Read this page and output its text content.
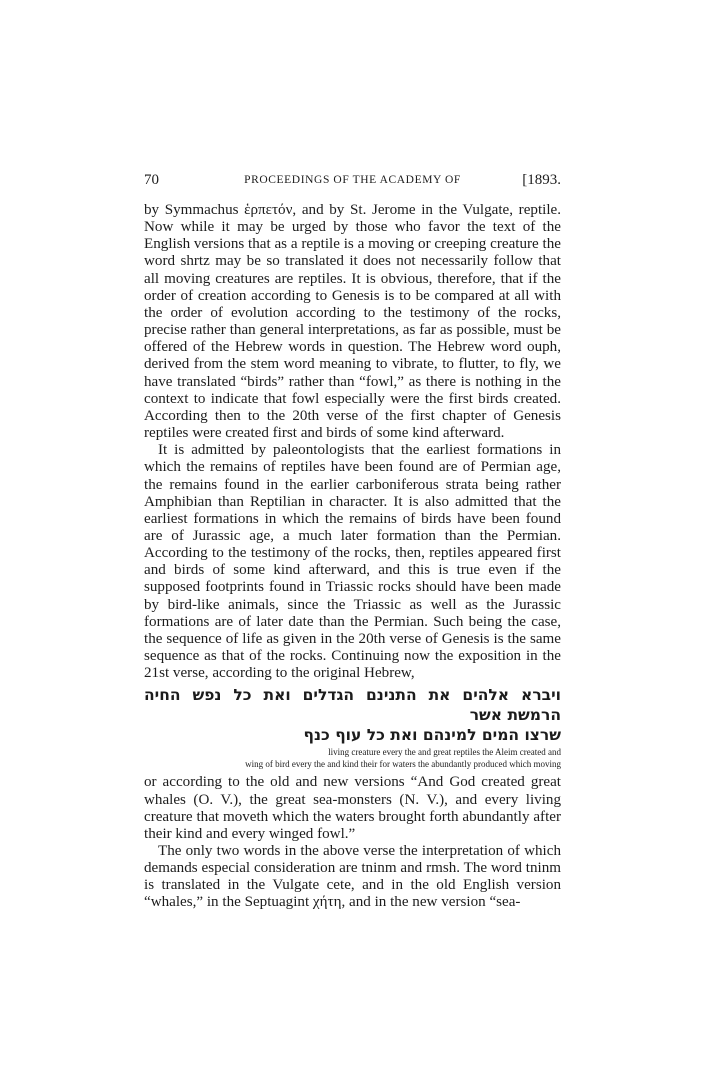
70	PROCEEDINGS OF THE ACADEMY OF	[1893.

by Symmachus ἑρπετόν, and by St. Jerome in the Vulgate, reptile. Now while it may be urged by those who favor the text of the English versions that as a reptile is a moving or creeping creature the word shrtz may be so translated it does not necessarily follow that all moving creatures are reptiles. It is obvious, therefore, that if the order of creation according to Genesis is to be compared at all with the order of evolution according to the testimony of the rocks, precise rather than general interpretations, as far as possible, must be offered of the Hebrew words in question. The Hebrew word ouph, derived from the stem word meaning to vibrate, to flutter, to fly, we have translated “birds” rather than “fowl,” as there is nothing in the context to indicate that fowl especially were the first birds created. According then to the 20th verse of the first chapter of Genesis reptiles were created first and birds of some kind afterward.

It is admitted by paleontologists that the earliest formations in which the remains of reptiles have been found are of Permian age, the remains found in the earlier carboniferous strata being rather Amphibian than Reptilian in character. It is also admitted that the earliest formations in which the remains of birds have been found are of Jurassic age, a much later formation than the Permian. According to the testimony of the rocks, then, reptiles appeared first and birds of some kind afterward, and this is true even if the supposed footprints found in Triassic rocks should have been made by bird-like animals, since the Triassic as well as the Jurassic formations are of later date than the Permian. Such being the case, the sequence of life as given in the 20th verse of Genesis is the same sequence as that of the rocks. Continuing now the exposition in the 21st verse, according to the original Hebrew,

ויברא אלהים את התנינם הגדלים ואת כל נפש החיה הרמשת אשר
שרצו המים למינהם ואת כל עוף כנף
living creature every the and great reptiles the Aleim created and
wing of bird every the and kind their for waters the abundantly produced which moving

or according to the old and new versions “And God created great whales (O. V.), the great sea-monsters (N. V.), and every living creature that moveth which the waters brought forth abundantly after their kind and every winged fowl.”

The only two words in the above verse the interpretation of which demands especial consideration are tninm and rmsh. The word tninm is translated in the Vulgate cete, and in the old English version “whales,” in the Septuagint χήτη, and in the new version “sea-
